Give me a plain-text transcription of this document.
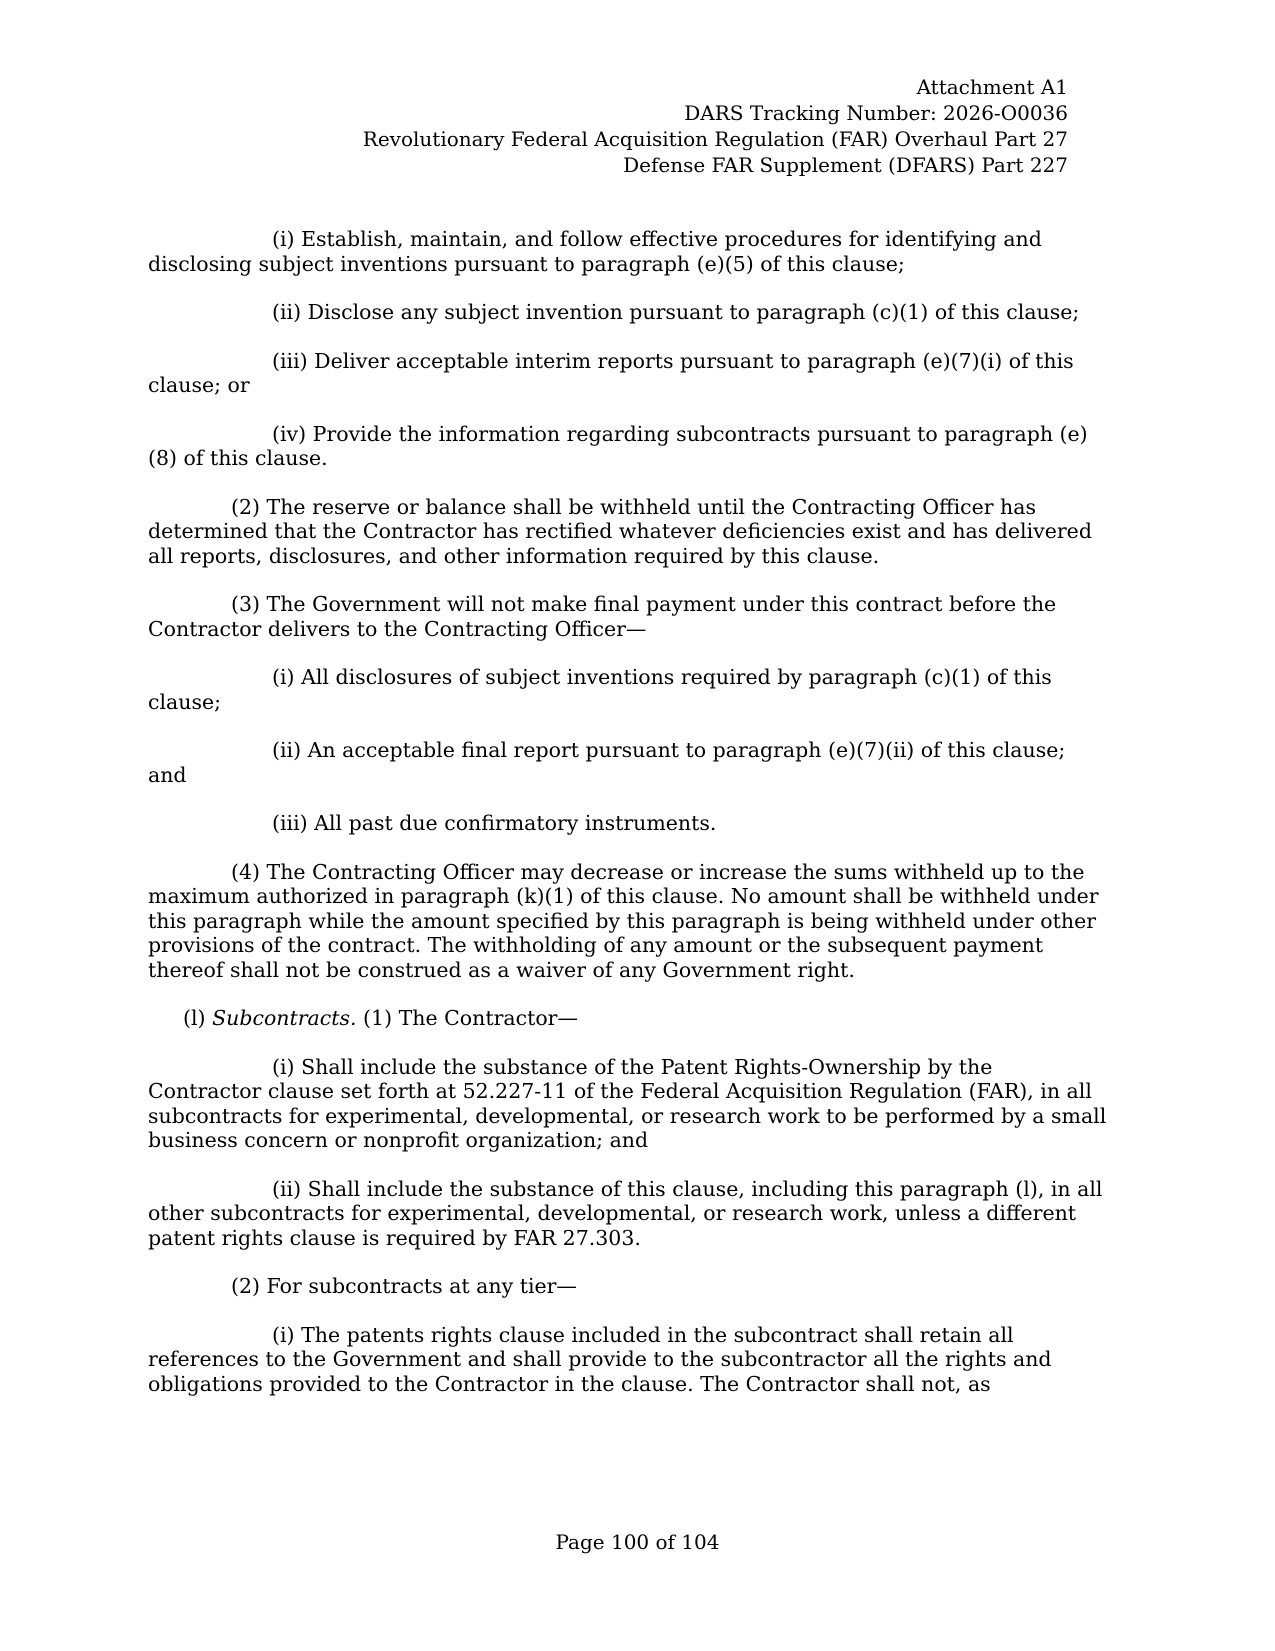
Attachment A1
DARS Tracking Number: 2026-O0036
Revolutionary Federal Acquisition Regulation (FAR) Overhaul Part 27
Defense FAR Supplement (DFARS) Part 227

(i) Establish, maintain, and follow effective procedures for identifying and disclosing subject inventions pursuant to paragraph (e)(5) of this clause;

(ii) Disclose any subject invention pursuant to paragraph (c)(1) of this clause;

(iii) Deliver acceptable interim reports pursuant to paragraph (e)(7)(i) of this clause; or

(iv) Provide the information regarding subcontracts pursuant to paragraph (e)(8) of this clause.

(2) The reserve or balance shall be withheld until the Contracting Officer has determined that the Contractor has rectified whatever deficiencies exist and has delivered all reports, disclosures, and other information required by this clause.

(3) The Government will not make final payment under this contract before the Contractor delivers to the Contracting Officer—

(i) All disclosures of subject inventions required by paragraph (c)(1) of this clause;

(ii) An acceptable final report pursuant to paragraph (e)(7)(ii) of this clause; and

(iii) All past due confirmatory instruments.

(4) The Contracting Officer may decrease or increase the sums withheld up to the maximum authorized in paragraph (k)(1) of this clause. No amount shall be withheld under this paragraph while the amount specified by this paragraph is being withheld under other provisions of the contract. The withholding of any amount or the subsequent payment thereof shall not be construed as a waiver of any Government right.

(l) Subcontracts. (1) The Contractor—

(i) Shall include the substance of the Patent Rights-Ownership by the Contractor clause set forth at 52.227-11 of the Federal Acquisition Regulation (FAR), in all subcontracts for experimental, developmental, or research work to be performed by a small business concern or nonprofit organization; and

(ii) Shall include the substance of this clause, including this paragraph (l), in all other subcontracts for experimental, developmental, or research work, unless a different patent rights clause is required by FAR 27.303.

(2) For subcontracts at any tier—

(i) The patents rights clause included in the subcontract shall retain all references to the Government and shall provide to the subcontractor all the rights and obligations provided to the Contractor in the clause. The Contractor shall not, as

Page 100 of 104
